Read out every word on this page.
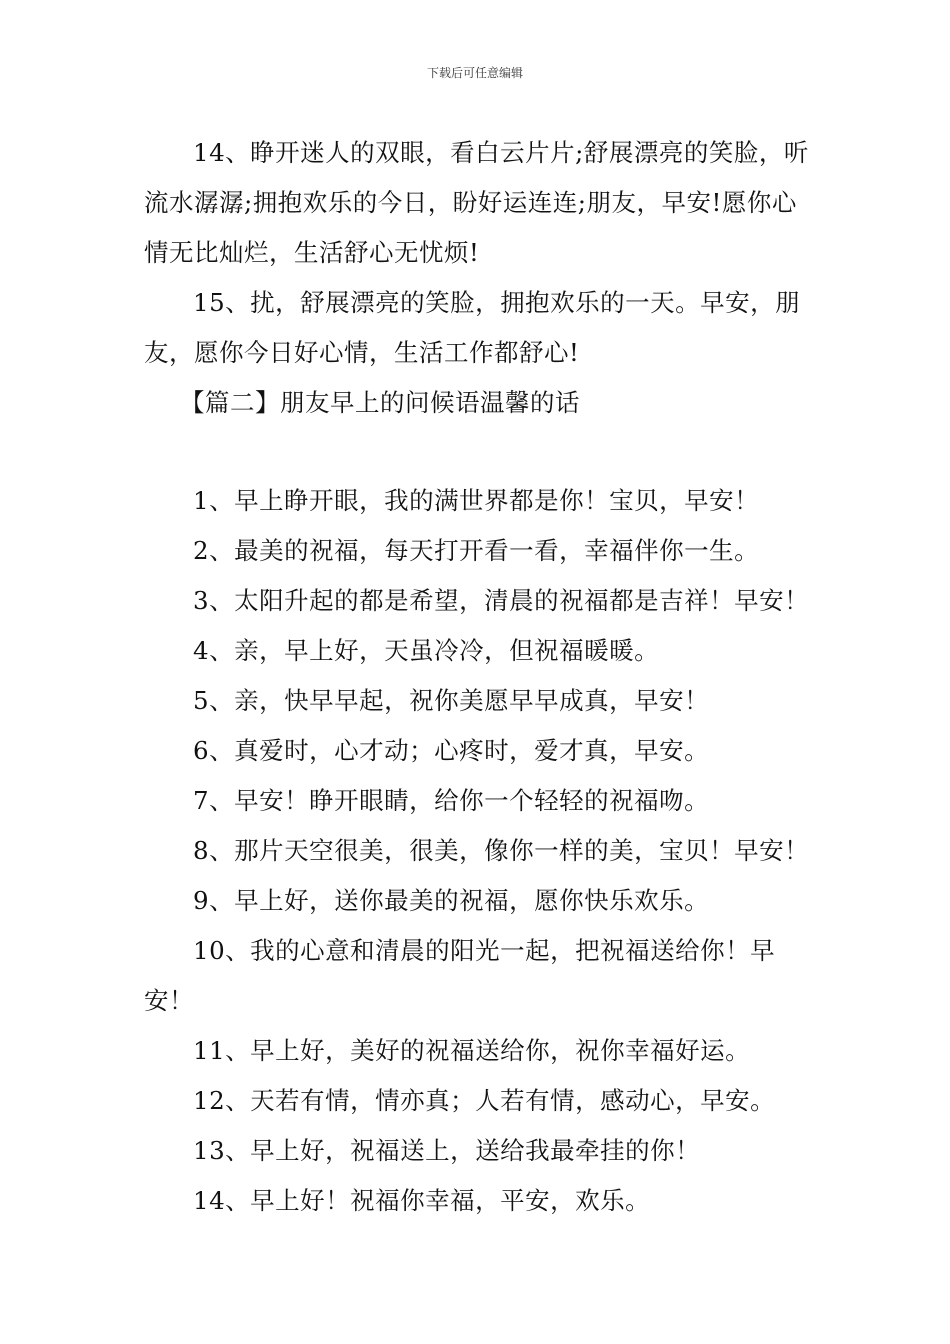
下载后可任意编辑

14、睁开迷人的双眼，看白云片片;舒展漂亮的笑脸，听流水潺潺;拥抱欢乐的今日，盼好运连连;朋友，早安!愿你心情无比灿烂，生活舒心无忧烦!

15、扰，舒展漂亮的笑脸，拥抱欢乐的一天。早安，朋友，愿你今日好心情，生活工作都舒心!

【篇二】朋友早上的问候语温馨的话

1、早上睁开眼，我的满世界都是你！宝贝，早安！

2、最美的祝福，每天打开看一看，幸福伴你一生。

3、太阳升起的都是希望，清晨的祝福都是吉祥！早安！

4、亲，早上好，天虽冷冷，但祝福暖暖。

5、亲，快早早起，祝你美愿早早成真，早安！

6、真爱时，心才动；心疼时，爱才真，早安。

7、早安！睁开眼睛，给你一个轻轻的祝福吻。

8、那片天空很美，很美，像你一样的美，宝贝！早安！

9、早上好，送你最美的祝福，愿你快乐欢乐。

10、我的心意和清晨的阳光一起，把祝福送给你！早安！

11、早上好，美好的祝福送给你，祝你幸福好运。

12、天若有情，情亦真；人若有情，感动心，早安。

13、早上好，祝福送上，送给我最牵挂的你！

14、早上好！祝福你幸福，平安，欢乐。
